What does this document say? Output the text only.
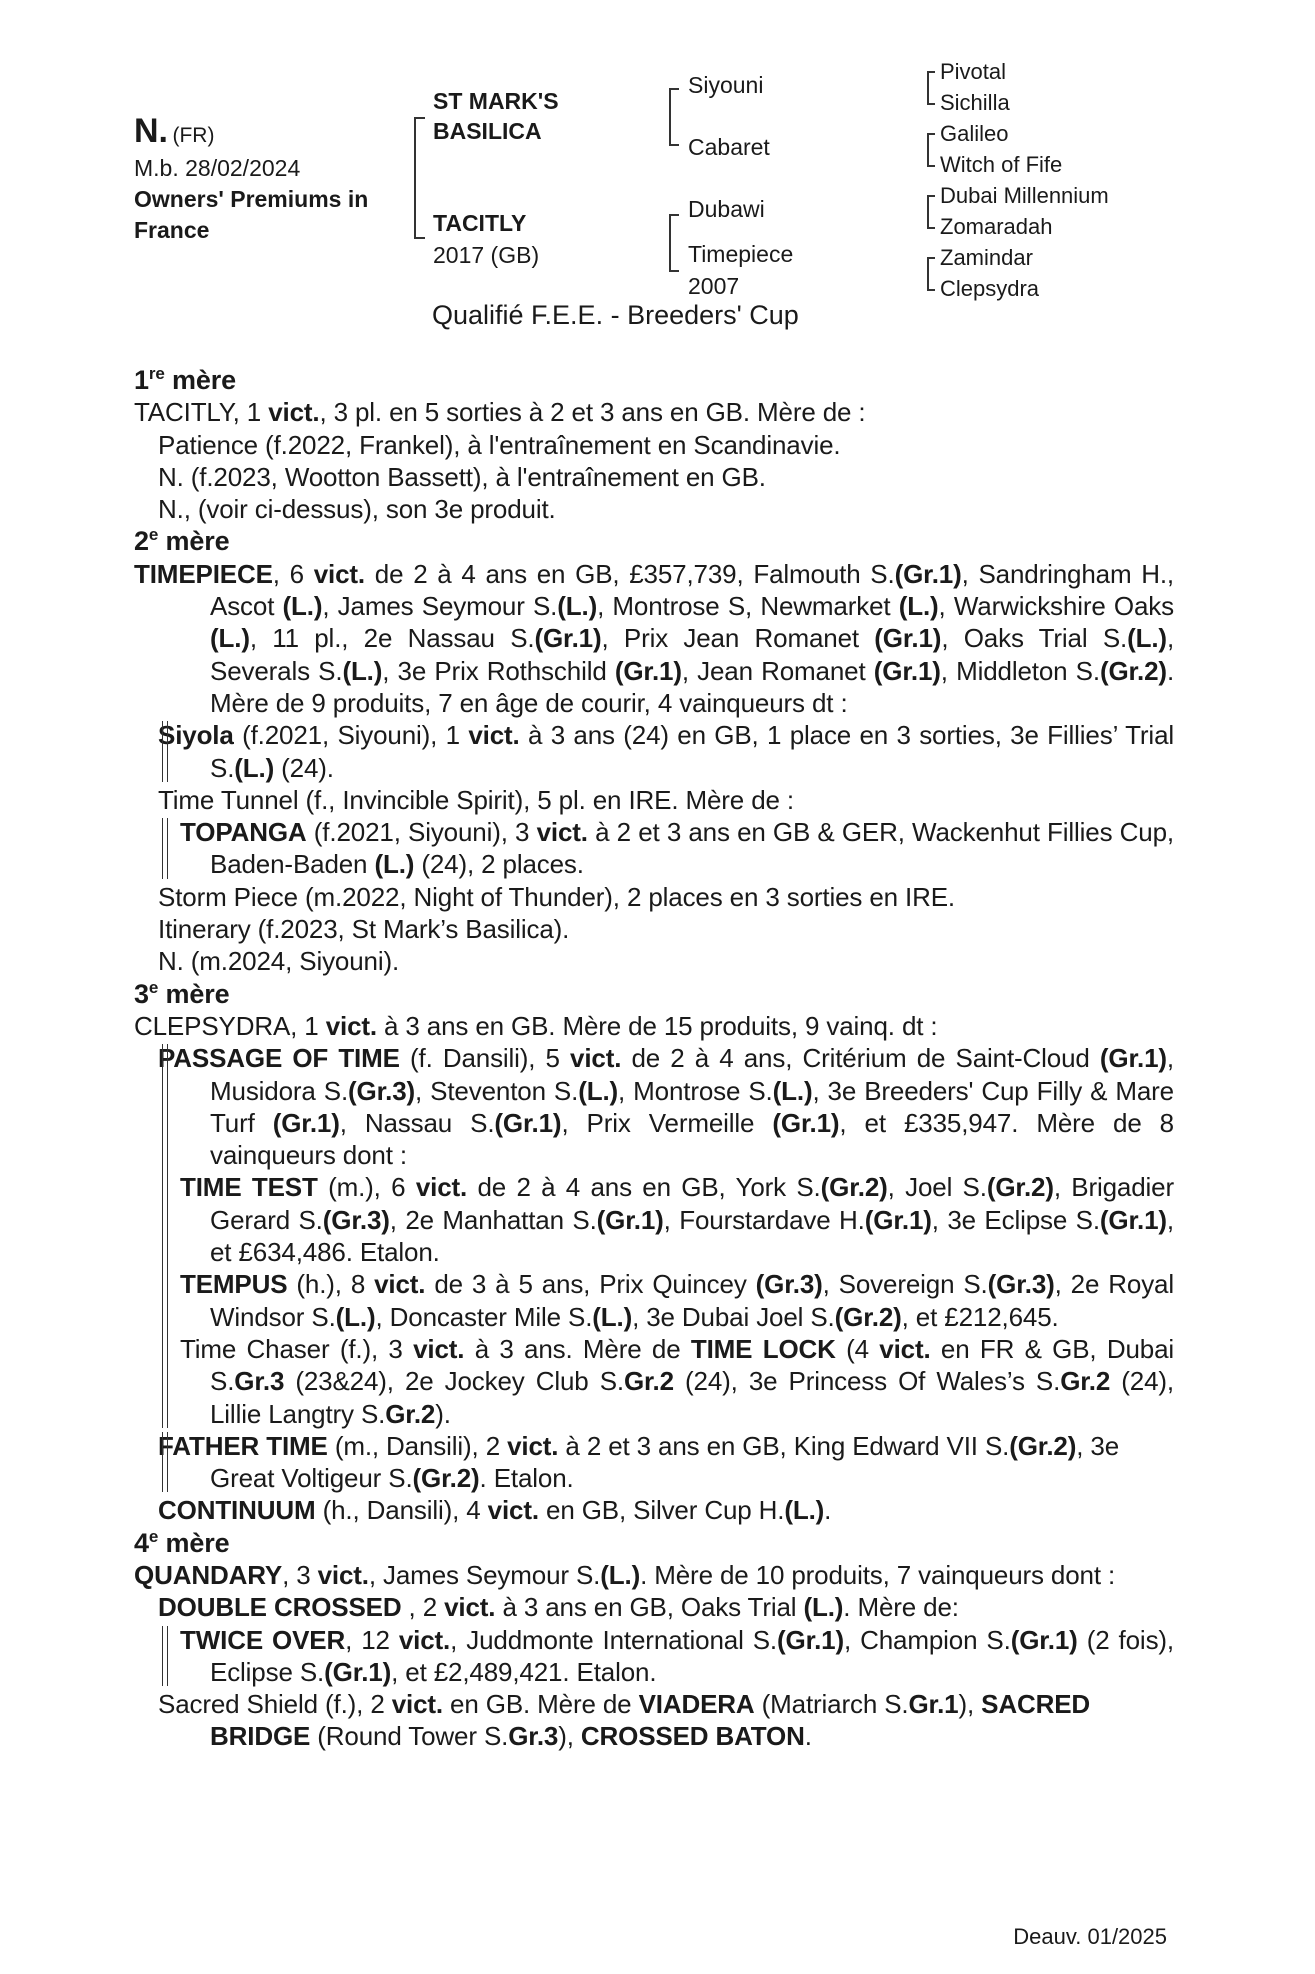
N. (FR)
M.b. 28/02/2024
Owners' Premiums in
France
ST MARK'S
BASILICA
TACITLY
2017 (GB)
Siyouni
Cabaret
Dubawi
Timepiece
2007
Pivotal
Sichilla
Galileo
Witch of Fife
Dubai Millennium
Zomaradah
Zamindar
Clepsydra
Qualifié F.E.E. - Breeders' Cup
1re mère

TACITLY, 1 vict., 3 pl. en 5 sorties à 2 et 3 ans en GB. Mère de :

Patience (f.2022, Frankel), à l'entraînement en Scandinavie.

N. (f.2023, Wootton Bassett), à l'entraînement en GB.

N., (voir ci-dessus), son 3e produit.

2e mère

TIMEPIECE, 6 vict. de 2 à 4 ans en GB, £357,739, Falmouth S.(Gr.1), Sandringham H., Ascot (L.), James Seymour S.(L.), Montrose S, Newmarket (L.), Warwickshire Oaks (L.), 11 pl., 2e Nassau S.(Gr.1), Prix Jean Romanet (Gr.1), Oaks Trial S.(L.), Severals S.(L.), 3e Prix Rothschild (Gr.1), Jean Romanet (Gr.1), Middleton S.(Gr.2). Mère de 9 produits, 7 en âge de courir, 4 vainqueurs dt :

Siyola (f.2021, Siyouni), 1 vict. à 3 ans (24) en GB, 1 place en 3 sorties, 3e Fillies’ Trial S.(L.) (24).

Time Tunnel (f., Invincible Spirit), 5 pl. en IRE. Mère de :

TOPANGA (f.2021, Siyouni), 3 vict. à 2 et 3 ans en GB & GER, Wackenhut Fillies Cup, Baden-Baden (L.) (24), 2 places.

Storm Piece (m.2022, Night of Thunder), 2 places en 3 sorties en IRE.

Itinerary (f.2023, St Mark’s Basilica).

N. (m.2024, Siyouni).

3e mère

CLEPSYDRA, 1 vict. à 3 ans en GB. Mère de 15 produits, 9 vainq. dt :

PASSAGE OF TIME (f. Dansili), 5 vict. de 2 à 4 ans, Critérium de Saint-Cloud (Gr.1), Musidora S.(Gr.3), Steventon S.(L.), Montrose S.(L.), 3e Breeders' Cup Filly & Mare Turf (Gr.1), Nassau S.(Gr.1), Prix Vermeille (Gr.1), et £335,947. Mère de 8 vainqueurs dont :

TIME TEST (m.), 6 vict. de 2 à 4 ans en GB, York S.(Gr.2), Joel S.(Gr.2), Brigadier Gerard S.(Gr.3), 2e Manhattan S.(Gr.1), Fourstardave H.(Gr.1), 3e Eclipse S.(Gr.1), et £634,486. Etalon.

TEMPUS (h.), 8 vict. de 3 à 5 ans, Prix Quincey (Gr.3), Sovereign S.(Gr.3), 2e Royal Windsor S.(L.), Doncaster Mile S.(L.), 3e Dubai Joel S.(Gr.2), et £212,645.

Time Chaser (f.), 3 vict. à 3 ans. Mère de TIME LOCK (4 vict. en FR & GB, Dubai S.Gr.3 (23&24), 2e Jockey Club S.Gr.2 (24), 3e Princess Of Wales’s S.Gr.2 (24), Lillie Langtry S.Gr.2).

FATHER TIME (m., Dansili), 2 vict. à 2 et 3 ans en GB, King Edward VII S.(Gr.2), 3e Great Voltigeur S.(Gr.2). Etalon.

CONTINUUM (h., Dansili), 4 vict. en GB, Silver Cup H.(L.).

4e mère

QUANDARY, 3 vict., James Seymour S.(L.). Mère de 10 produits, 7 vainqueurs dont :

DOUBLE CROSSED , 2 vict. à 3 ans en GB, Oaks Trial (L.). Mère de:

TWICE OVER, 12 vict., Juddmonte International S.(Gr.1), Champion S.(Gr.1) (2 fois), Eclipse S.(Gr.1), et £2,489,421. Etalon.

Sacred Shield (f.), 2 vict. en GB. Mère de VIADERA (Matriarch S.Gr.1), SACRED BRIDGE (Round Tower S.Gr.3), CROSSED BATON.

Deauv. 01/2025
